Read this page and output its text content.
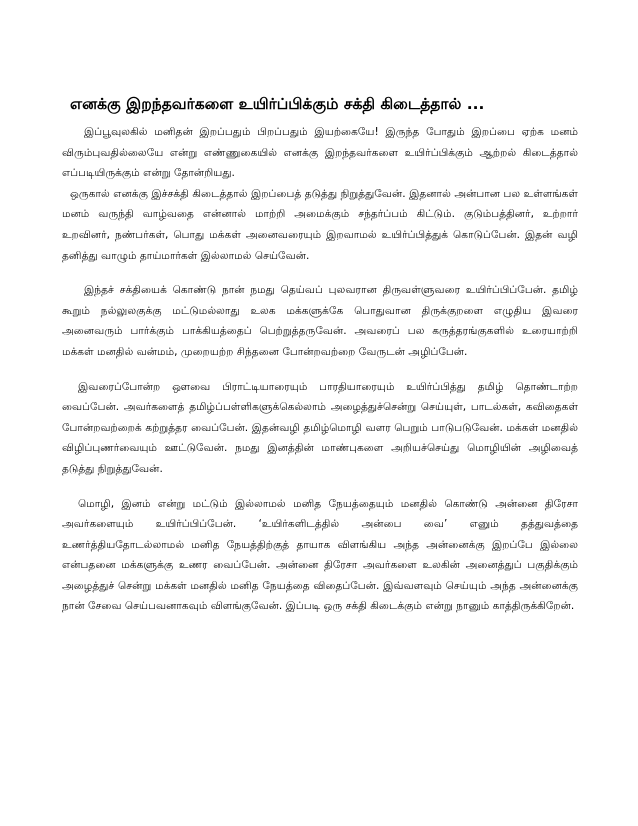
எனக்கு இறந்தவர்களை உயிர்ப்பிக்கும் சக்தி கிடைத்தால் ...

இப்பூவுலகில் மனிதன் இறப்பதும் பிறப்பதும் இயற்கையே! இருந்த போதும் இறப்பை ஏற்க மனம் விரும்புவதில்லையே என்று எண்ணுகையில் எனக்கு இறந்தவர்களை உயிர்ப்பிக்கும் ஆற்றல் கிடைத்தால் எப்படியிருக்கும் என்று தோன்றியது.

ஒருகால் எனக்கு இச்சக்தி கிடைத்தால் இறப்பைத் தடுத்து நிறுத்துவேன். இதனால் அன்பான பல உள்ளங்கள் மனம் வருந்தி வாழ்வதை என்னால் மாற்றி அமைக்கும் சந்தர்ப்பம் கிட்டும். குடும்பத்தினர், உற்றார் உறவினர், நண்பர்கள், பொது மக்கள் அனைவரையும் இறவாமல் உயிர்ப்பித்துக் கொடுப்பேன். இதன் வழி தனித்து வாழும் தாய்மார்கள் இல்லாமல் செய்வேன்.

இந்தச் சக்தியைக் கொண்டு நான் நமது தெய்வப் புலவரான திருவள்ளுவரை உயிர்ப்பிப்பேன். தமிழ் கூறும் நல்லுலகுக்கு மட்டுமல்லாது உலக மக்களுக்கே பொதுவான திருக்குறளை எழுதிய இவரை அனைவரும் பார்க்கும் பாக்கியத்தைப் பெற்றுத்தருவேன். அவரைப் பல கருத்தரங்குகளில் உரையாற்றி மக்கள் மனதில் வன்மம், முறையற்ற சிந்தனை போன்றவற்றை வேருடன் அழிப்பேன்.

இவரைப்போன்ற ஔவை பிராட்டியாரையும் பாரதியாரையும் உயிர்ப்பித்து தமிழ் தொண்டாற்ற வைப்பேன். அவர்களைத் தமிழ்ப்பள்ளிகளுக்கெல்லாம் அழைத்துச்சென்று செய்யுள், பாடல்கள், கவிதைகள் போன்றவற்றைக் கற்றுத்தர வைப்பேன். இதன்வழி தமிழ்மொழி வளர பெறும் பாடுபடுவேன். மக்கள் மனதில் விழிப்புணர்வையும் ஊட்டுவேன். நமது இனத்தின் மாண்புகளை அறியச்செய்து மொழியின் அழிவைத் தடுத்து நிறுத்துவேன்.

மொழி, இனம் என்று மட்டும் இல்லாமல் மனித நேயத்தையும் மனதில் கொண்டு அன்னை திரேசா அவர்களையும் உயிர்ப்பிப்பேன். ‘உயிர்களிடத்தில் அன்பை வை’ எனும் தத்துவத்தை உணர்த்தியதோடல்லாமல் மனித நேயத்திற்குத் தாயாக விளங்கிய அந்த அன்னைக்கு இறப்பே இல்லை என்பதனை மக்களுக்கு உணர வைப்பேன். அன்னை திரேசா அவர்களை உலகின் அனைத்துப் பகுதிக்கும் அழைத்துச் சென்று மக்கள் மனதில் மனித நேயத்தை விதைப்பேன். இவ்வளவும் செய்யும் அந்த அன்னைக்கு நான் சேவை செய்பவனாகவும் விளங்குவேன். இப்படி ஒரு சக்தி கிடைக்கும் என்று நானும் காத்திருக்கிறேன்.
